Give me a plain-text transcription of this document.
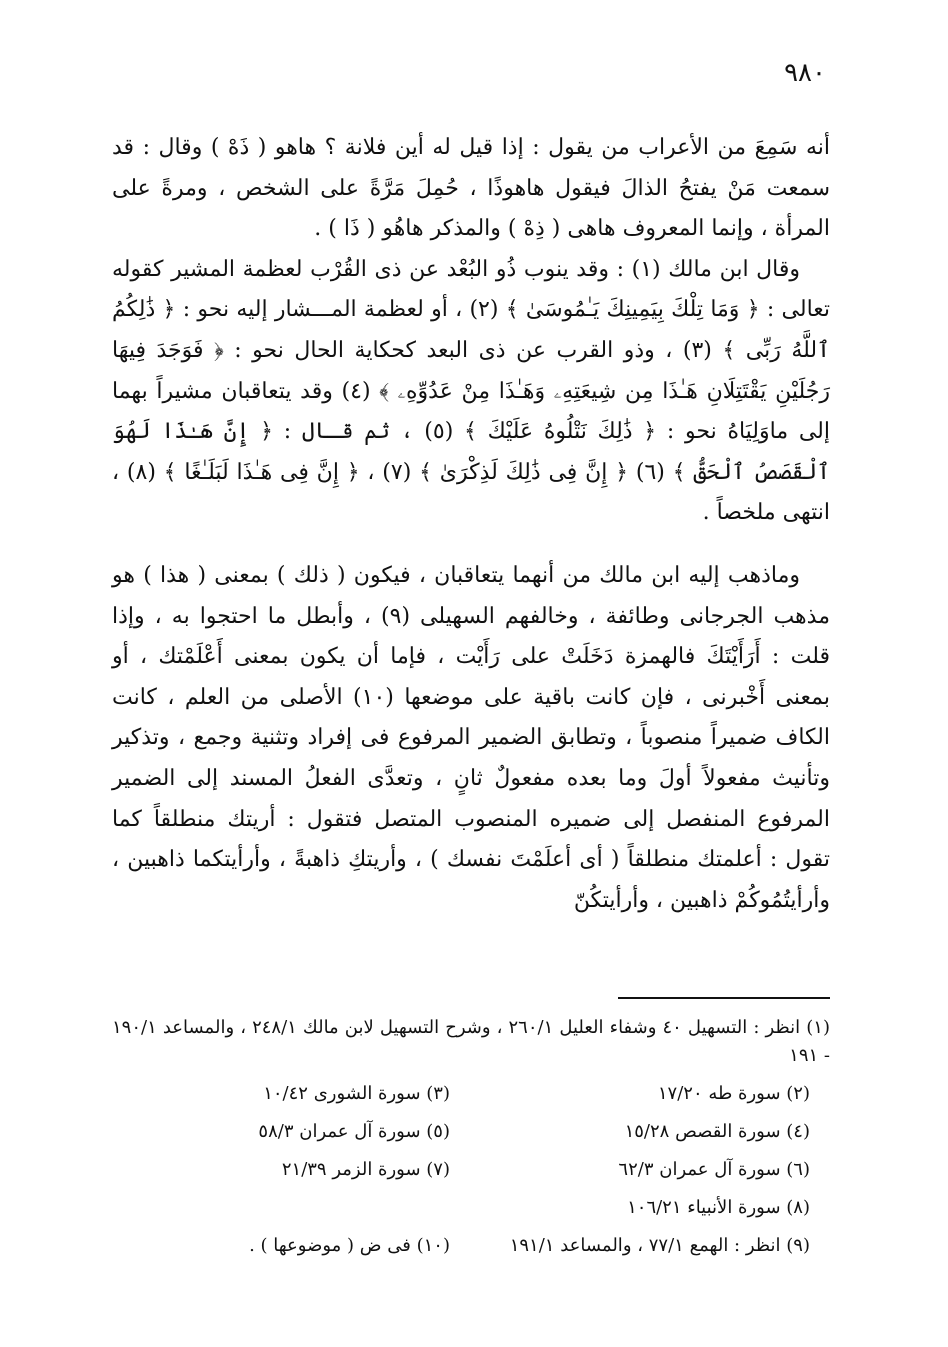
٩٨٠

أنه سَمِعَ من الأعراب من يقول : إذا قيل له أين فلانة ؟ هاهو ( ذَهْ ) وقال : قد سمعت مَنْ يفتحُ الذالَ فيقول هاهوذًا ، حُمِلَ مَرَّةً على الشخص ، ومرةً على المرأة ، وإنما المعروف هاهى ( ذِهْ ) والمذكر هاهُو ( ذَا ) .

وقال ابن مالك (١) : وقد ينوب ذُو البُعْد عن ذى القُرْب لعظمة المشير كقوله تعالى : ﴿ وَمَا تِلْكَ بِيَمِينِكَ يَـٰمُوسَىٰ ﴾ (٢) ، أو لعظمة المـــشار إليه نحو : ﴿ ذَٰلِكُمُ ٱللَّهُ رَبِّى ﴾ (٣) ، وذو القرب عن ذى البعد كحكاية الحال نحو : ﴿ فَوَجَدَ فِيهَا رَجُلَيْنِ يَقْتَتِلَانِ هَـٰذَا مِن شِيعَتِهِۦ وَهَـٰذَا مِنْ عَدُوِّهِۦ ﴾ (٤) وقد يتعاقبان مشيراً بهما إلى ماوَلِيَاهُ نحو : ﴿ ذَٰلِكَ نَتْلُوهُ عَلَيْكَ ﴾ (٥) ، ثم قـال : ﴿ إِنَّ هَـٰذَا لَهُوَ ٱلْقَصَصُ ٱلْحَقُّ ﴾ (٦) ﴿ إِنَّ فِى ذَٰلِكَ لَذِكْرَىٰ ﴾ (٧) ، ﴿ إِنَّ فِى هَـٰذَا لَبَلَـٰغًا ﴾ (٨) ، انتهى ملخصاً .

وماذهب إليه ابن مالك من أنهما يتعاقبان ، فيكون ( ذلك ) بمعنى ( هذا ) هو مذهب الجرجانى وطائفة ، وخالفهم السهيلى (٩) ، وأبطل ما احتجوا به ، وإذا قلت : أَرَأَيْتَكَ فالهمزة دَخَلَتْ على رَأَيْت ، فإما أن يكون بمعنى أَعْلَمْتك ، أو بمعنى أَخْبرنى ، فإن كانت باقية على موضعها (١٠) الأصلى من العلم ، كانت الكاف ضميراً منصوباً ، وتطابق الضمير المرفوع فى إفراد وتثنية وجمع ، وتذكير وتأنيث مفعولاً أولَ وما بعده مفعولٌ ثانٍ ، وتعدَّى الفعلُ المسند إلى الضمير المرفوع المنفصل إلى ضميره المنصوب المتصل فتقول : أريتك منطلقاً كما تقول : أعلمتك منطلقاً ( أى أعلَمْتَ نفسك ) ، وأريتكِ ذاهبةً ، وأرأيتكما ذاهبين ، وأرأيتُمُوكُمْ ذاهبين ، وأرأيتكُنّ

(١) انظر : التسهيل ٤٠ وشفاء العليل ٢٦٠/١ ، وشرح التسهيل لابن مالك ٢٤٨/١ ، والمساعد ١٩٠/١ - ١٩١

(٢) سورة طه ١٧/٢٠
(٣) سورة الشورى ١٠/٤٢
(٤) سورة القصص ١٥/٢٨
(٥) سورة آل عمران ٥٨/٣
(٦) سورة آل عمران ٦٢/٣
(٧) سورة الزمر ٢١/٣٩
(٨) سورة الأنبياء ١٠٦/٢١
(٩) انظر : الهمع ٧٧/١ ، والمساعد ١٩١/١
(١٠) فى ض ( موضوعها ) .
